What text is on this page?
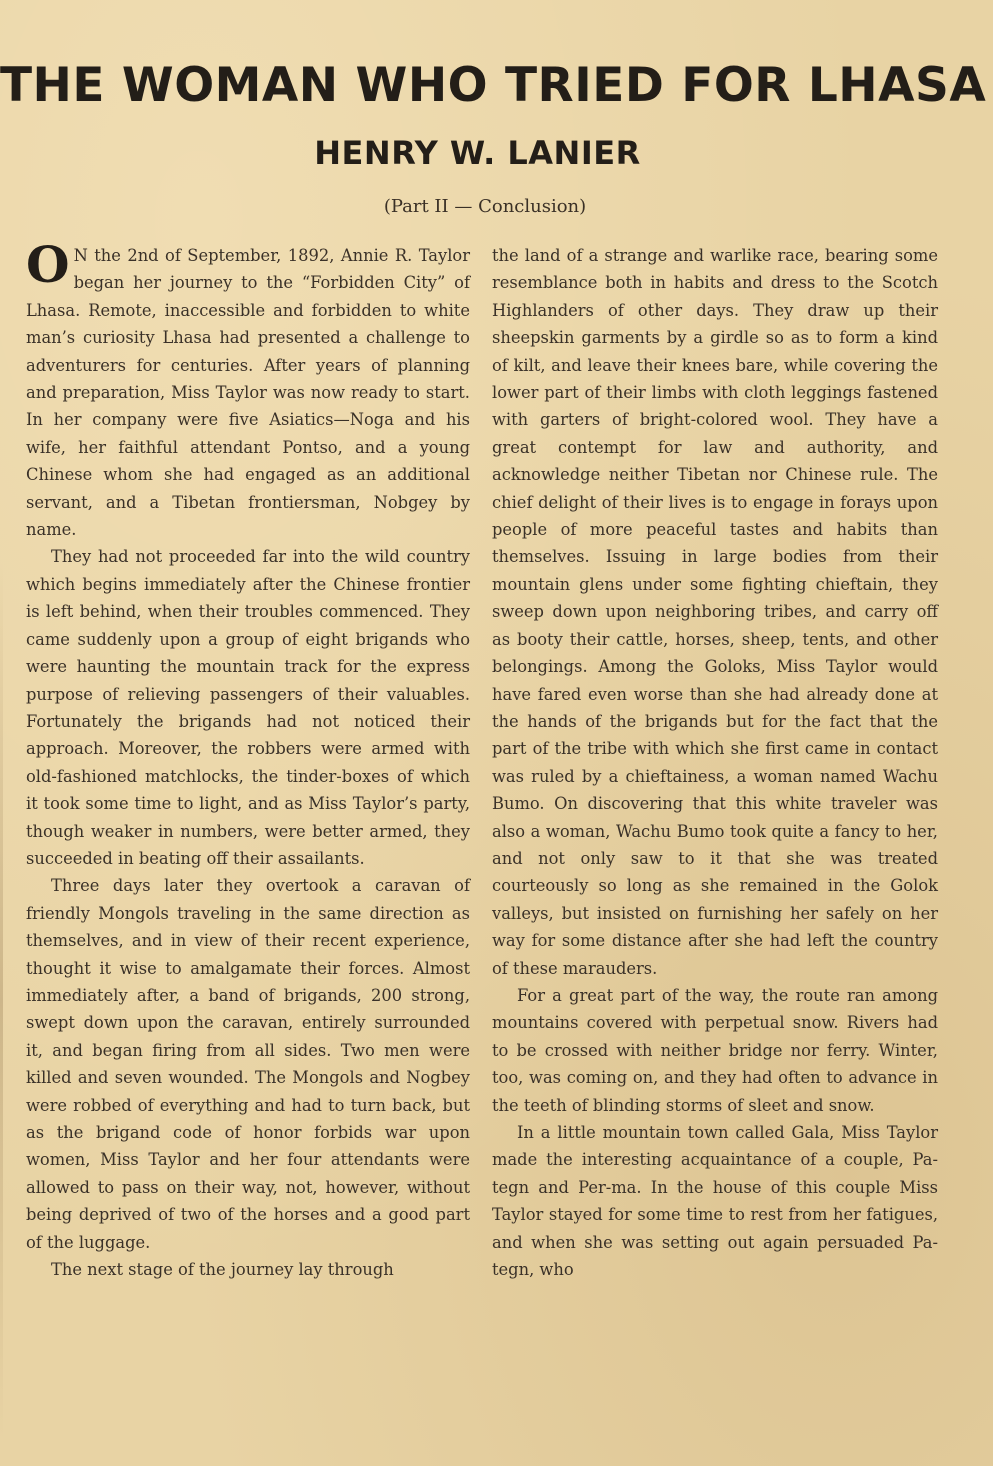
THE WOMAN WHO TRIED FOR LHASA
HENRY W. LANIER
(Part II — Conclusion)

O N the 2nd of September, 1892, Annie R. Taylor began her journey to the “Forbidden City” of Lhasa. Remote, inaccessible and forbidden to white man’s curiosity Lhasa had presented a challenge to adventurers for centuries. After years of planning and preparation, Miss Taylor was now ready to start. In her company were five Asiatics—Noga and his wife, her faithful attendant Pontso, and a young Chinese whom she had engaged as an additional servant, and a Tibetan frontiersman, Nobgey by name.

They had not proceeded far into the wild country which begins immediately after the Chinese frontier is left behind, when their troubles commenced. They came suddenly upon a group of eight brigands who were haunting the mountain track for the express purpose of relieving passengers of their valuables. Fortunately the brigands had not noticed their approach. Moreover, the robbers were armed with old-fashioned matchlocks, the tinder-boxes of which it took some time to light, and as Miss Taylor’s party, though weaker in numbers, were better armed, they succeeded in beating off their assailants.

Three days later they overtook a caravan of friendly Mongols traveling in the same direction as themselves, and in view of their recent experience, thought it wise to amalgamate their forces. Almost immediately after, a band of brigands, 200 strong, swept down upon the caravan, entirely surrounded it, and began firing from all sides. Two men were killed and seven wounded. The Mongols and Nogbey were robbed of everything and had to turn back, but as the brigand code of honor forbids war upon women, Miss Taylor and her four attendants were allowed to pass on their way, not, however, without being deprived of two of the horses and a good part of the luggage.

The next stage of the journey lay through

the land of a strange and warlike race, bearing some resemblance both in habits and dress to the Scotch Highlanders of other days. They draw up their sheepskin garments by a girdle so as to form a kind of kilt, and leave their knees bare, while covering the lower part of their limbs with cloth leggings fastened with garters of bright-colored wool. They have a great contempt for law and authority, and acknowledge neither Tibetan nor Chinese rule. The chief delight of their lives is to engage in forays upon people of more peaceful tastes and habits than themselves. Issuing in large bodies from their mountain glens under some fighting chieftain, they sweep down upon neighboring tribes, and carry off as booty their cattle, horses, sheep, tents, and other belongings. Among the Goloks, Miss Taylor would have fared even worse than she had already done at the hands of the brigands but for the fact that the part of the tribe with which she first came in contact was ruled by a chieftainess, a woman named Wachu Bumo. On discovering that this white traveler was also a woman, Wachu Bumo took quite a fancy to her, and not only saw to it that she was treated courteously so long as she remained in the Golok valleys, but insisted on furnishing her safely on her way for some distance after she had left the country of these marauders.

For a great part of the way, the route ran among mountains covered with perpetual snow. Rivers had to be crossed with neither bridge nor ferry. Winter, too, was coming on, and they had often to advance in the teeth of blinding storms of sleet and snow.

In a little mountain town called Gala, Miss Taylor made the interesting acquaintance of a couple, Pa-tegn and Per-ma. In the house of this couple Miss Taylor stayed for some time to rest from her fatigues, and when she was setting out again persuaded Pa-tegn, who
